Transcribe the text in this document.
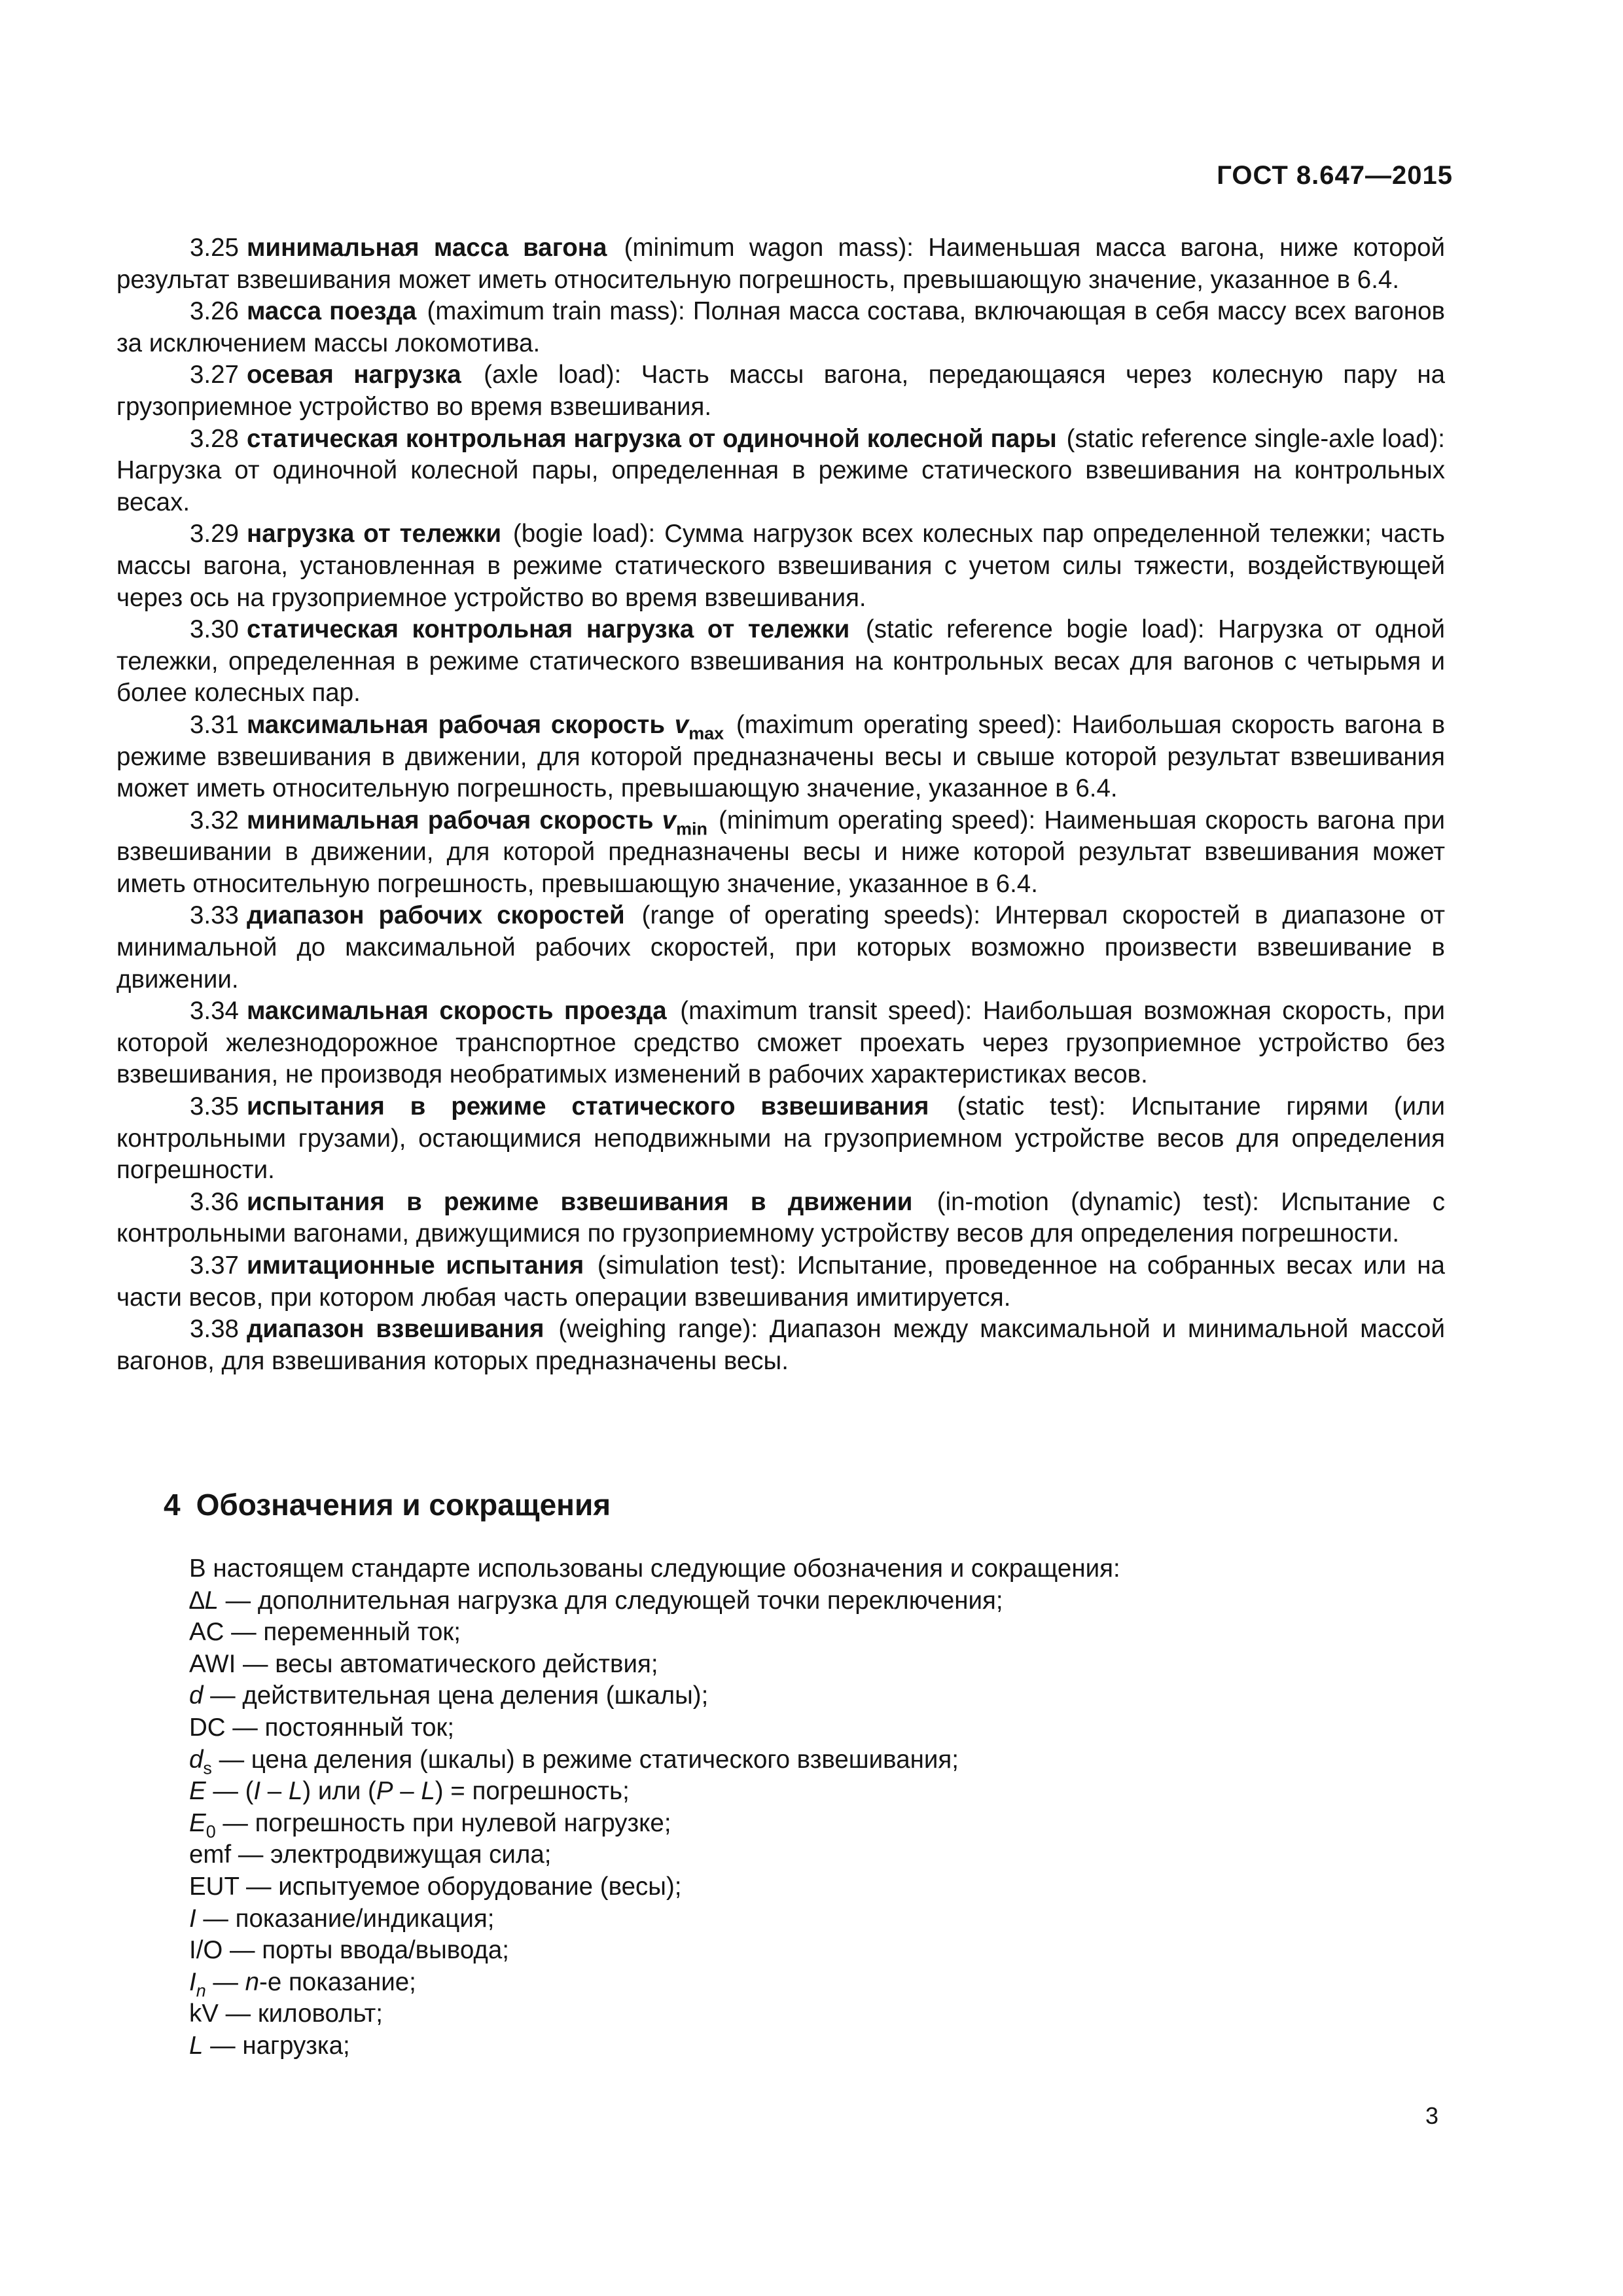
ГОСТ 8.647—2015

3.25 минимальная масса вагона (minimum wagon mass): Наименьшая масса вагона, ниже которой результат взвешивания может иметь относительную погрешность, превышающую значение, указанное в 6.4.

3.26 масса поезда (maximum train mass): Полная масса состава, включающая в себя массу всех вагонов за исключением массы локомотива.

3.27 осевая нагрузка (axle load): Часть массы вагона, передающаяся через колесную пару на грузоприемное устройство во время взвешивания.

3.28 статическая контрольная нагрузка от одиночной колесной пары (static reference single-axle load): Нагрузка от одиночной колесной пары, определенная в режиме статического взвешивания на контрольных весах.

3.29 нагрузка от тележки (bogie load): Сумма нагрузок всех колесных пар определенной тележки; часть массы вагона, установленная в режиме статического взвешивания с учетом силы тяжести, воздействующей через ось на грузоприемное устройство во время взвешивания.

3.30 статическая контрольная нагрузка от тележки (static reference bogie load): Нагрузка от одной тележки, определенная в режиме статического взвешивания на контрольных весах для вагонов с четырьмя и более колесных пар.

3.31 максимальная рабочая скорость $v_{max}$ (maximum operating speed): Наибольшая скорость вагона в режиме взвешивания в движении, для которой предназначены весы и свыше которой результат взвешивания может иметь относительную погрешность, превышающую значение, указанное в 6.4.

3.32 минимальная рабочая скорость $v_{min}$ (minimum operating speed): Наименьшая скорость вагона при взвешивании в движении, для которой предназначены весы и ниже которой результат взвешивания может иметь относительную погрешность, превышающую значение, указанное в 6.4.

3.33 диапазон рабочих скоростей (range of operating speeds): Интервал скоростей в диапазоне от минимальной до максимальной рабочих скоростей, при которых возможно произвести взвешивание в движении.

3.34 максимальная скорость проезда (maximum transit speed): Наибольшая возможная скорость, при которой железнодорожное транспортное средство сможет проехать через грузоприемное устройство без взвешивания, не производя необратимых изменений в рабочих характеристиках весов.

3.35 испытания в режиме статического взвешивания (static test): Испытание гирями (или контрольными грузами), остающимися неподвижными на грузоприемном устройстве весов для определения погрешности.

3.36 испытания в режиме взвешивания в движении (in-motion (dynamic) test): Испытание с контрольными вагонами, движущимися по грузоприемному устройству весов для определения погрешности.

3.37 имитационные испытания (simulation test): Испытание, проведенное на собранных весах или на части весов, при котором любая часть операции взвешивания имитируется.

3.38 диапазон взвешивания (weighing range): Диапазон между максимальной и минимальной массой вагонов, для взвешивания которых предназначены весы.

4 Обозначения и сокращения

В настоящем стандарте использованы следующие обозначения и сокращения:

∆L — дополнительная нагрузка для следующей точки переключения;

AC — переменный ток;

AWI — весы автоматического действия;

d — действительная цена деления (шкалы);

DC — постоянный ток;

$d_s$ — цена деления (шкалы) в режиме статического взвешивания;

E — (I – L) или (P – L) = погрешность;

$E_0$ — погрешность при нулевой нагрузке;

emf — электродвижущая сила;

EUT — испытуемое оборудование (весы);

I — показание/индикация;

I/O — порты ввода/вывода;

$I_n$ — n-е показание;

kV — киловольт;

L — нагрузка;

3
